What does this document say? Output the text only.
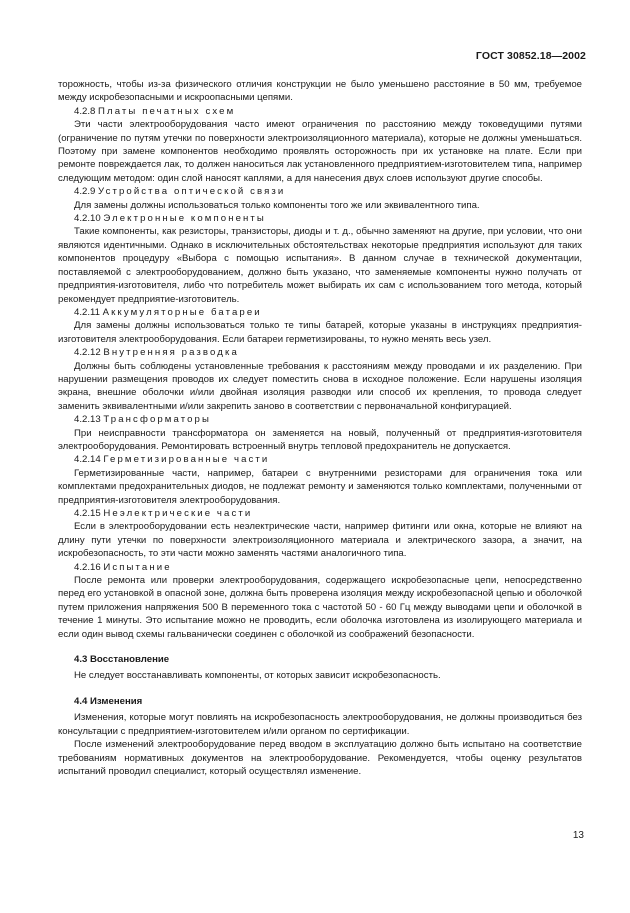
ГОСТ 30852.18—2002
торожность, чтобы из-за физического отличия конструкции не было уменьшено расстояние в 50 мм, требуемое между искробезопасными и искроопасными цепями.
4.2.8 Платы печатных схем
Эти части электрооборудования часто имеют ограничения по расстоянию между токоведущими путями (ограничение по путям утечки по поверхности электроизоляционного материала), которые не должны уменьшаться. Поэтому при замене компонентов необходимо проявлять осторожность при их установке на плате. Если при ремонте повреждается лак, то должен наноситься лак установленного предприятием-изготовителем типа, например следующим методом: один слой наносят каплями, а для нанесения двух слоев используют другие способы.
4.2.9 Устройства оптической связи
Для замены должны использоваться только компоненты того же или эквивалентного типа.
4.2.10 Электронные компоненты
Такие компоненты, как резисторы, транзисторы, диоды и т. д., обычно заменяют на другие, при условии, что они являются идентичными. Однако в исключительных обстоятельствах некоторые предприятия используют для таких компонентов процедуру «Выбора с помощью испытания». В данном случае в технической документации, поставляемой с электрооборудованием, должно быть указано, что заменяемые компоненты нужно получать от предприятия-изготовителя, либо что потребитель может выбирать их сам с использованием того метода, который рекомендует предприятие-изготовитель.
4.2.11 Аккумуляторные батареи
Для замены должны использоваться только те типы батарей, которые указаны в инструкциях предприятия-изготовителя электрооборудования. Если батареи герметизированы, то нужно менять весь узел.
4.2.12 Внутренняя разводка
Должны быть соблюдены установленные требования к расстояниям между проводами и их разделению. При нарушении размещения проводов их следует поместить снова в исходное положение. Если нарушены изоляция экрана, внешние оболочки и/или двойная изоляция разводки или способ их крепления, то провода следует заменить эквивалентными и/или закрепить заново в соответствии с первоначальной конфигурацией.
4.2.13 Трансформаторы
При неисправности трансформатора он заменяется на новый, полученный от предприятия-изготовителя электрооборудования. Ремонтировать встроенный внутрь тепловой предохранитель не допускается.
4.2.14 Герметизированные части
Герметизированные части, например, батареи с внутренними резисторами для ограничения тока или комплектами предохранительных диодов, не подлежат ремонту и заменяются только комплектами, полученными от предприятия-изготовителя электрооборудования.
4.2.15 Неэлектрические части
Если в электрооборудовании есть неэлектрические части, например фитинги или окна, которые не влияют на длину пути утечки по поверхности электроизоляционного материала и электрического зазора, а значит, на искробезопасность, то эти части можно заменять частями аналогичного типа.
4.2.16 Испытание
После ремонта или проверки электрооборудования, содержащего искробезопасные цепи, непосредственно перед его установкой в опасной зоне, должна быть проверена изоляция между искробезопасной цепью и оболочкой путем приложения напряжения 500 В переменного тока с частотой 50 - 60 Гц между выводами цепи и оболочкой в течение 1 минуты. Это испытание можно не проводить, если оболочка изготовлена из изолирующего материала и если один вывод схемы гальванически соединен с оболочкой из соображений безопасности.
4.3 Восстановление
Не следует восстанавливать компоненты, от которых зависит искробезопасность.
4.4 Изменения
Изменения, которые могут повлиять на искробезопасность электрооборудования, не должны производиться без консультации с предприятием-изготовителем и/или органом по сертификации.
После изменений электрооборудование перед вводом в эксплуатацию должно быть испытано на соответствие требованиям нормативных документов на электрооборудование. Рекомендуется, чтобы оценку результатов испытаний проводил специалист, который осуществлял изменение.
13
